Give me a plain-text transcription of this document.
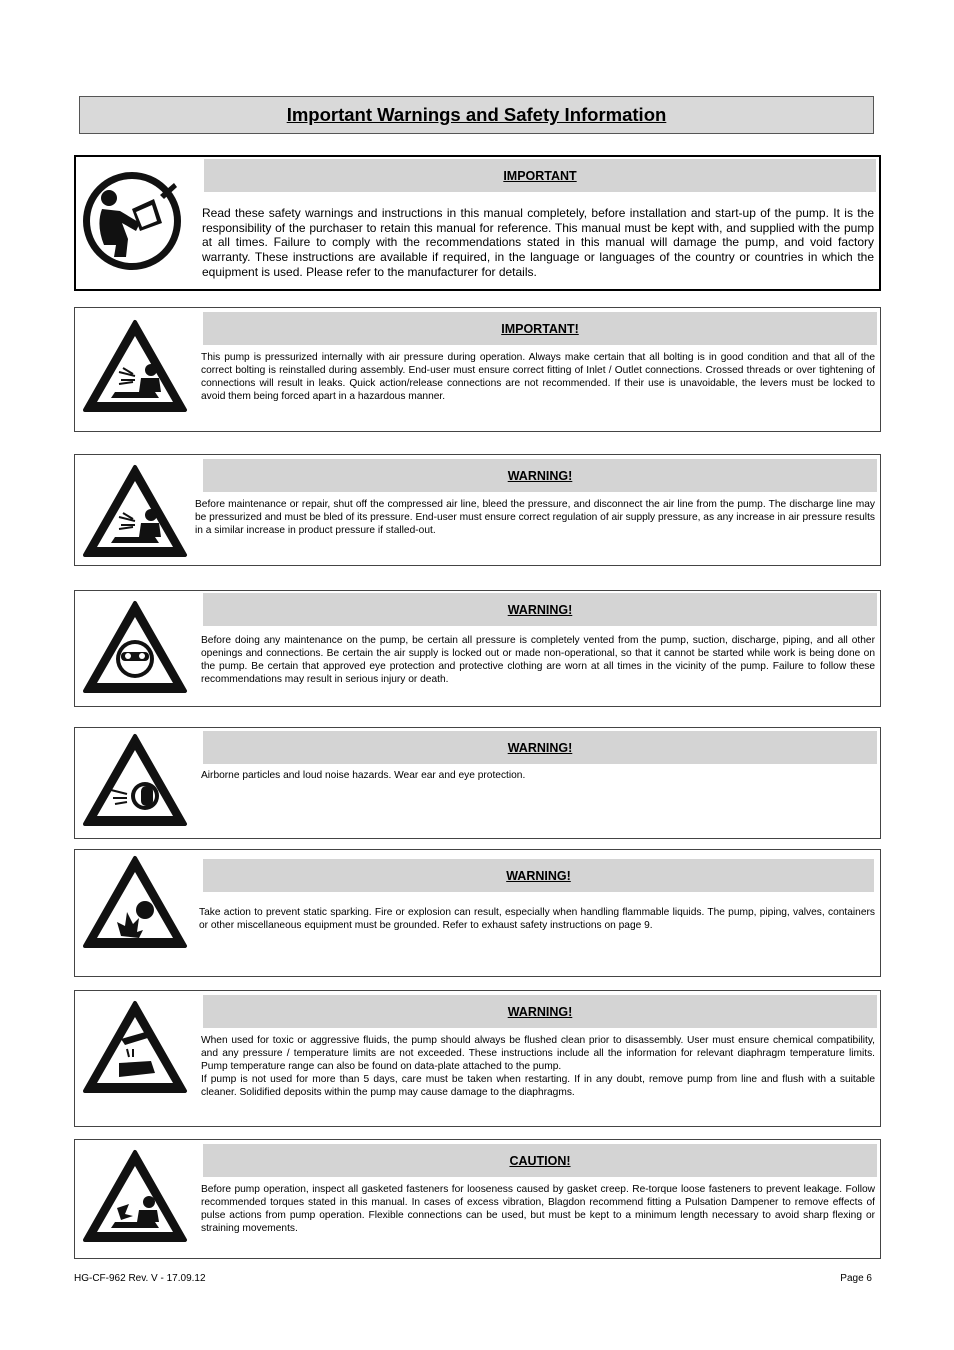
Important Warnings and Safety Information
IMPORTANT
Read these safety warnings and instructions in this manual completely, before installation and start-up of the pump. It is the responsibility of the purchaser to retain this manual for reference. This manual must be kept with, and supplied with the pump at all times. Failure to comply with the recommendations stated in this manual will damage the pump, and void factory warranty. These instructions are available if required, in the language or languages of the country or countries in which the equipment is used. Please refer to the manufacturer for details.
IMPORTANT!
This pump is pressurized internally with air pressure during operation. Always make certain that all bolting is in good condition and that all of the correct bolting is reinstalled during assembly. End-user must ensure correct fitting of Inlet / Outlet connections. Crossed threads or over tightening of connections will result in leaks. Quick action/release connections are not recommended. If their use is unavoidable, the levers must be locked to avoid them being forced apart in a hazardous manner.
WARNING!
Before maintenance or repair, shut off the compressed air line, bleed the pressure, and disconnect the air line from the pump. The discharge line may be pressurized and must be bled of its pressure. End-user must ensure correct regulation of air supply pressure, as any increase in air pressure results in a similar increase in product pressure if stalled-out.
WARNING!
Before doing any maintenance on the pump, be certain all pressure is completely vented from the pump, suction, discharge, piping, and all other openings and connections. Be certain the air supply is locked out or made non-operational, so that it cannot be started while work is being done on the pump. Be certain that approved eye protection and protective clothing are worn at all times in the vicinity of the pump. Failure to follow these recommendations may result in serious injury or death.
WARNING!
Airborne particles and loud noise hazards. Wear ear and eye protection.
WARNING!
Take action to prevent static sparking. Fire or explosion can result, especially when handling flammable liquids. The pump, piping, valves, containers or other miscellaneous equipment must be grounded. Refer to exhaust safety instructions on page 9.
WARNING!
When used for toxic or aggressive fluids, the pump should always be flushed clean prior to disassembly. User must ensure chemical compatibility, and any pressure / temperature limits are not exceeded. These instructions include all the information for relevant diaphragm temperature limits. Pump temperature range can also be found on data-plate attached to the pump.
If pump is not used for more than 5 days, care must be taken when restarting. If in any doubt, remove pump from line and flush with a suitable cleaner. Solidified deposits within the pump may cause damage to the diaphragms.
CAUTION!
Before pump operation, inspect all gasketed fasteners for looseness caused by gasket creep. Re-torque loose fasteners to prevent leakage. Follow recommended torques stated in this manual. In cases of excess vibration, Blagdon recommend fitting a Pulsation Dampener to remove effects of pulse actions from pump operation. Flexible connections can be used, but must be kept to a minimum length necessary to avoid sharp flexing or straining movements.
HG-CF-962 Rev. V - 17.09.12	Page 6
